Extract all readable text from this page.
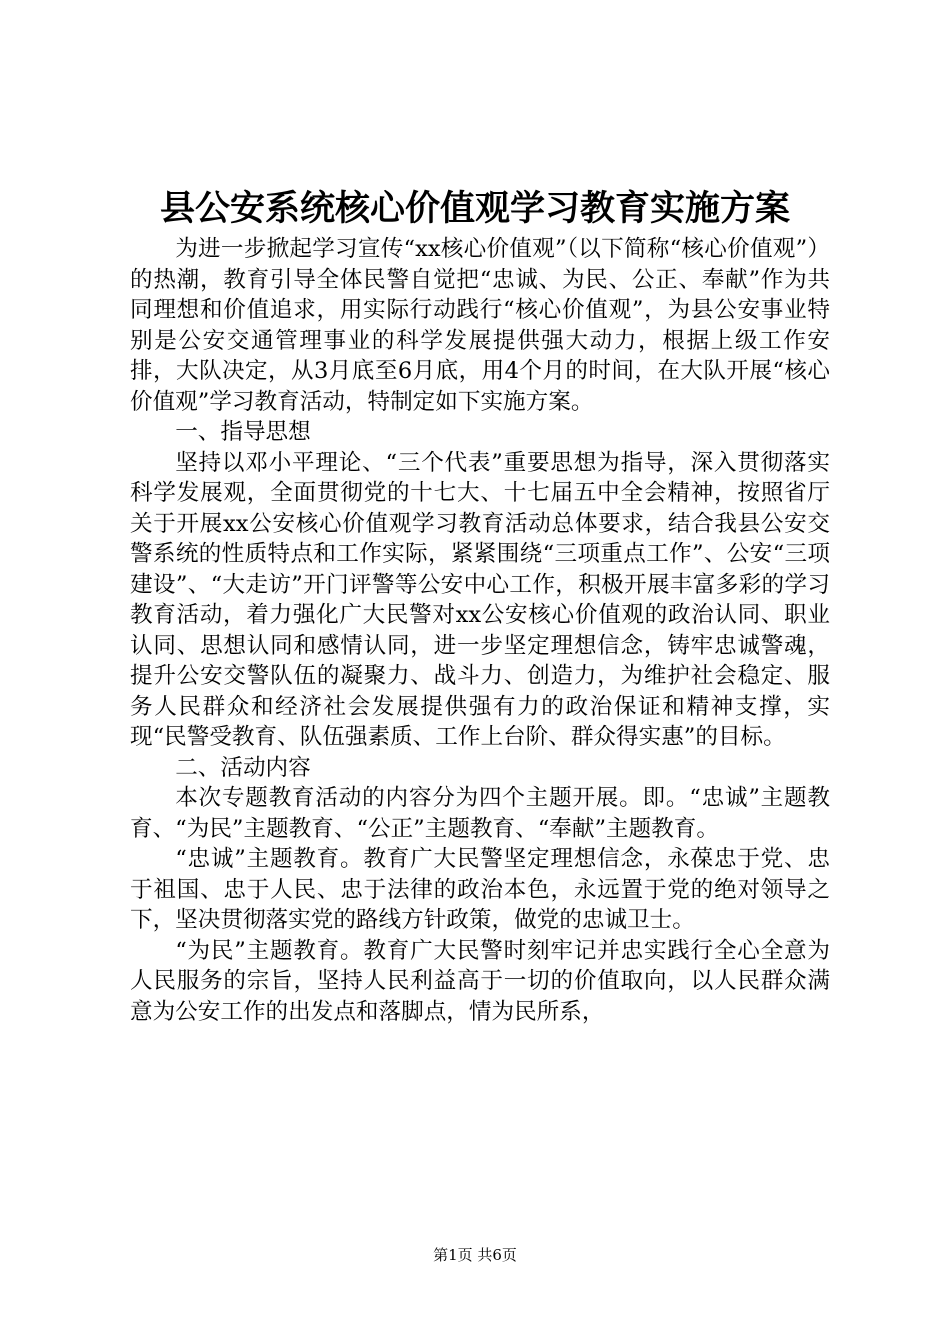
县公安系统核心价值观学习教育实施方案

为进一步掀起学习宣传“xx核心价值观”（以下简称“核心价值观”）的热潮，教育引导全体民警自觉把“忠诚、为民、公正、奉献”作为共同理想和价值追求，用实际行动践行“核心价值观”，为县公安事业特别是公安交通管理事业的科学发展提供强大动力，根据上级工作安排，大队决定，从3月底至6月底，用4个月的时间，在大队开展“核心价值观”学习教育活动，特制定如下实施方案。

一、指导思想

坚持以邓小平理论、“三个代表”重要思想为指导，深入贯彻落实科学发展观，全面贯彻党的十七大、十七届五中全会精神，按照省厅关于开展xx公安核心价值观学习教育活动总体要求，结合我县公安交警系统的性质特点和工作实际，紧紧围绕“三项重点工作”、公安“三项建设”、“大走访”开门评警等公安中心工作，积极开展丰富多彩的学习教育活动，着力强化广大民警对xx公安核心价值观的政治认同、职业认同、思想认同和感情认同，进一步坚定理想信念，铸牢忠诚警魂，提升公安交警队伍的凝聚力、战斗力、创造力，为维护社会稳定、服务人民群众和经济社会发展提供强有力的政治保证和精神支撑，实现“民警受教育、队伍强素质、工作上台阶、群众得实惠”的目标。

二、活动内容

本次专题教育活动的内容分为四个主题开展。即。“忠诚”主题教育、“为民”主题教育、“公正”主题教育、“奉献”主题教育。

“忠诚”主题教育。教育广大民警坚定理想信念，永葆忠于党、忠于祖国、忠于人民、忠于法律的政治本色，永远置于党的绝对领导之下，坚决贯彻落实党的路线方针政策，做党的忠诚卫士。

“为民”主题教育。教育广大民警时刻牢记并忠实践行全心全意为人民服务的宗旨，坚持人民利益高于一切的价值取向，以人民群众满意为公安工作的出发点和落脚点，情为民所系，

第1页 共6页
